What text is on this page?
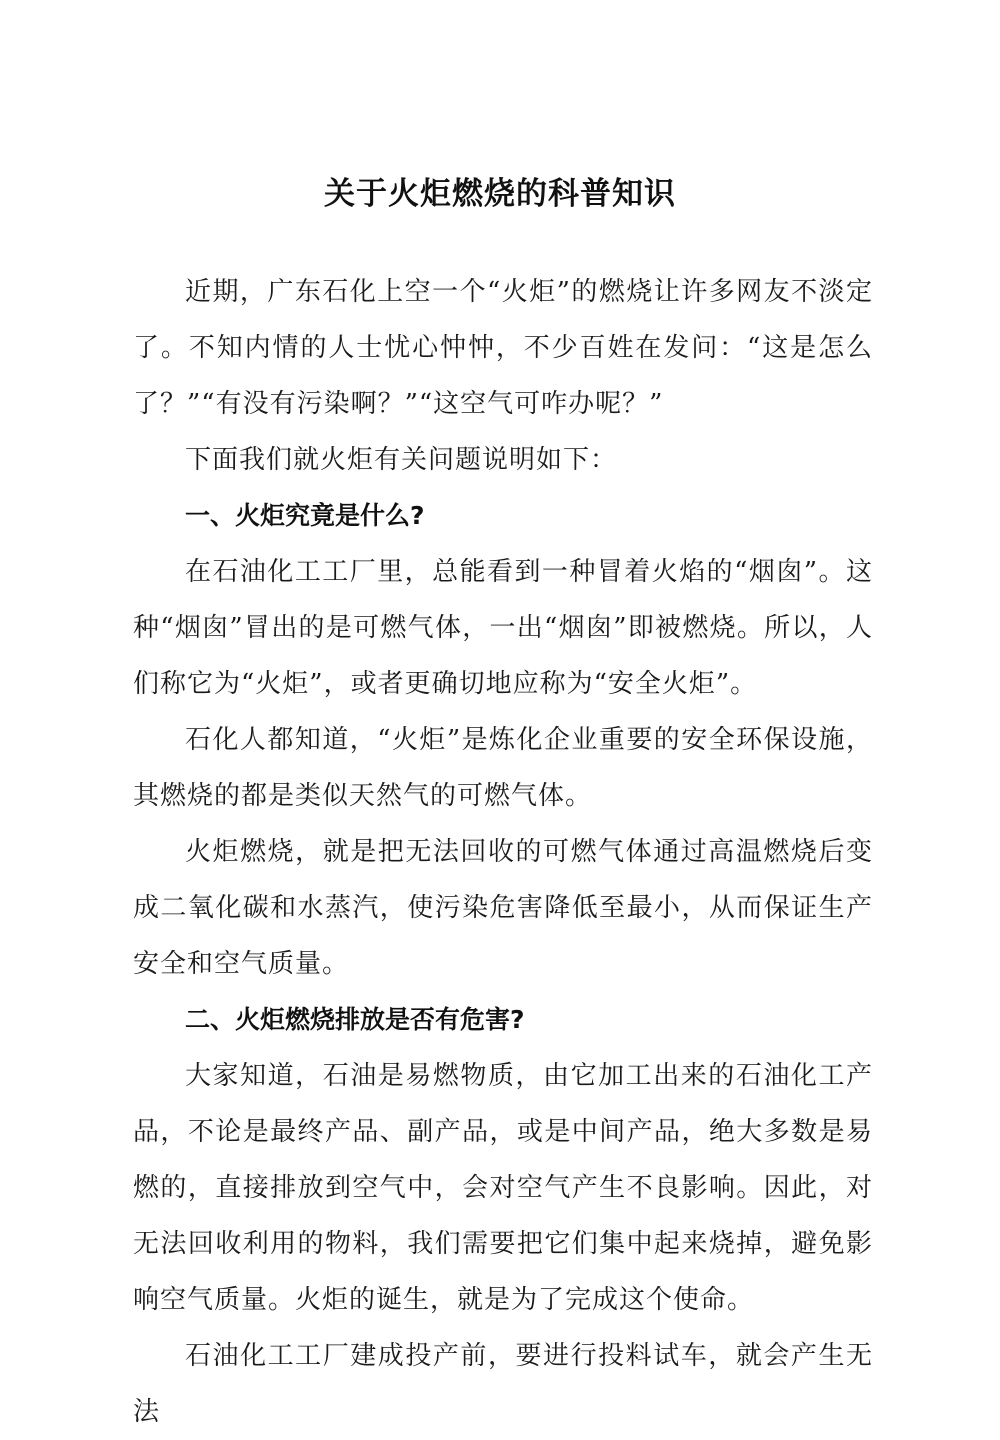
关于火炬燃烧的科普知识

近期，广东石化上空一个“火炬”的燃烧让许多网友不淡定了。不知内情的人士忧心忡忡，不少百姓在发问：“这是怎么了？”“有没有污染啊？”“这空气可咋办呢？”

下面我们就火炬有关问题说明如下：

一、火炬究竟是什么?

在石油化工工厂里，总能看到一种冒着火焰的“烟囱”。这种“烟囱”冒出的是可燃气体，一出“烟囱”即被燃烧。所以，人们称它为“火炬”，或者更确切地应称为“安全火炬”。

石化人都知道，“火炬”是炼化企业重要的安全环保设施，其燃烧的都是类似天然气的可燃气体。

火炬燃烧，就是把无法回收的可燃气体通过高温燃烧后变成二氧化碳和水蒸汽，使污染危害降低至最小，从而保证生产安全和空气质量。

二、火炬燃烧排放是否有危害?

大家知道，石油是易燃物质，由它加工出来的石油化工产品，不论是最终产品、副产品，或是中间产品，绝大多数是易燃的，直接排放到空气中，会对空气产生不良影响。因此，对无法回收利用的物料，我们需要把它们集中起来烧掉，避免影响空气质量。火炬的诞生，就是为了完成这个使命。

石油化工工厂建成投产前，要进行投料试车，就会产生无法
